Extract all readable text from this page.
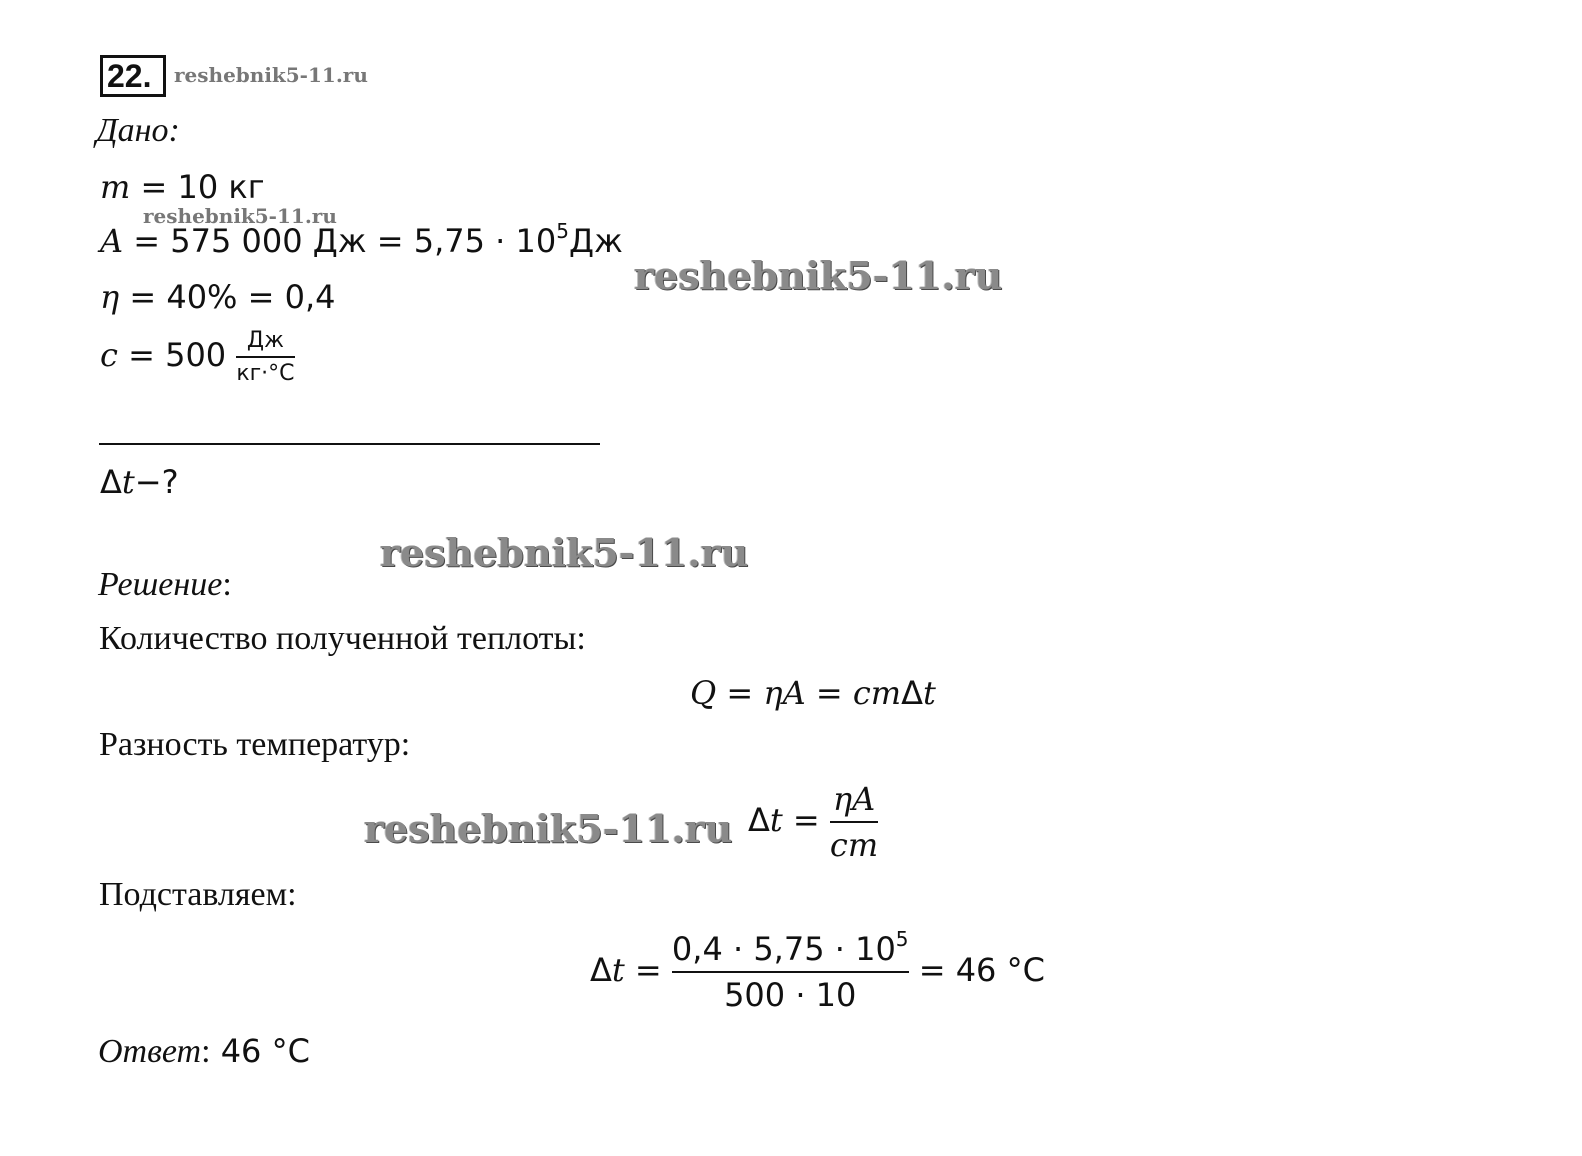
22.	reshebnik5-11.ru
Дано:
m = 10 кг
reshebnik5-11.ru
A = 575 000 Дж = $5,75 \cdot 10^5Дж$
η = 40% = 0,4	reshebnik5-11.ru
$c = 500 \frac{Дж}{кг\cdot^\circ C}$
Δt−?
reshebnik5-11.ru
Решение:
Количество полученной теплоты:
Q = ηA = cmΔt
Разность температур:
reshebnik5-11.ru $\Delta t = \frac{\eta A}{cm}$
Подставляем:
$\Delta t = \frac{0,4 \cdot 5,75 \cdot 10^5}{500 \cdot 10} = 46$ °C
Ответ: 46 °C
